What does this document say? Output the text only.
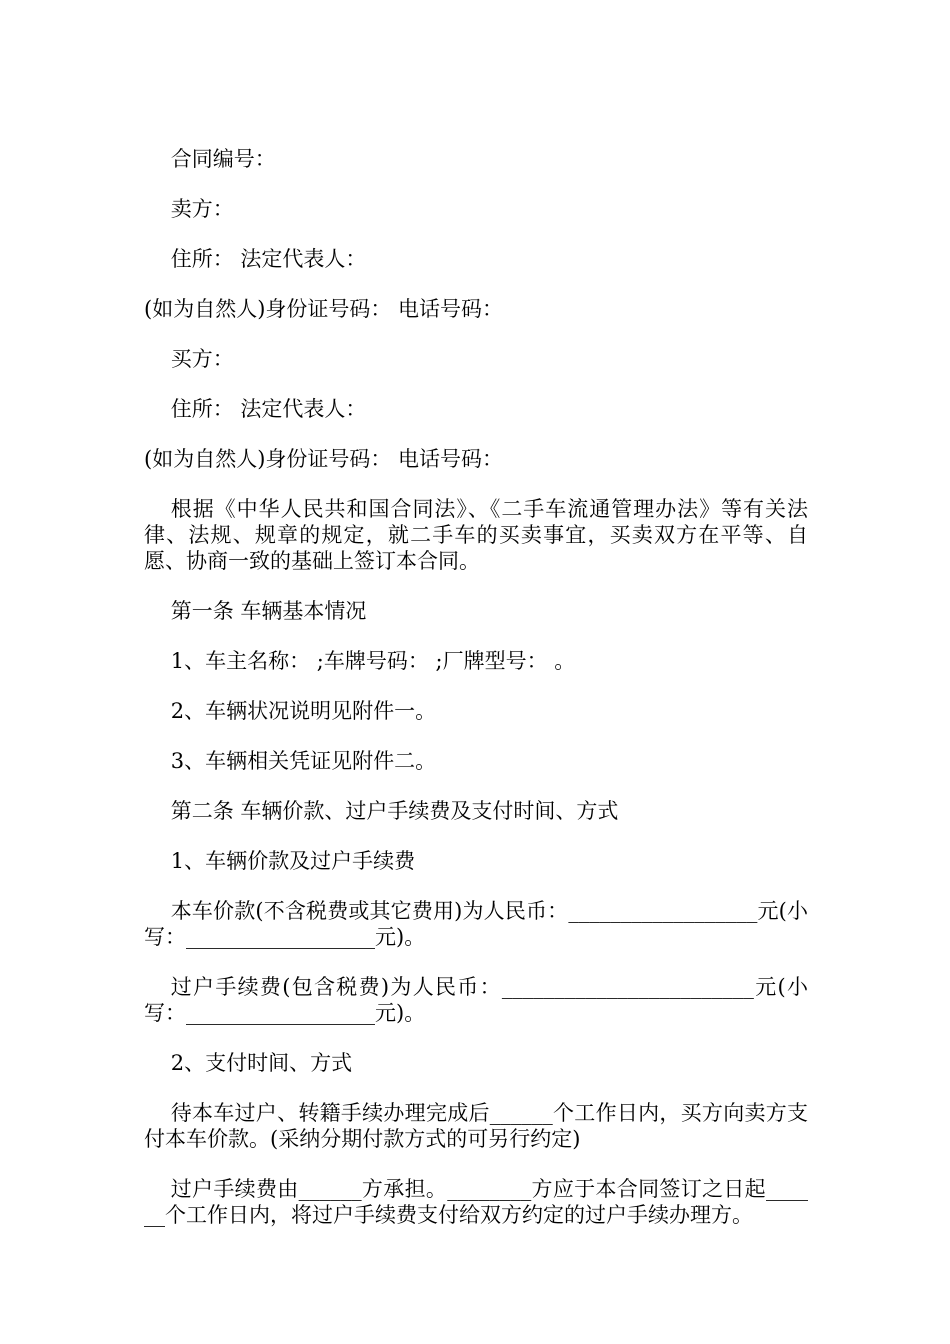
合同编号：

卖方：

住所： 法定代表人：

(如为自然人)身份证号码： 电话号码：

买方：

住所： 法定代表人：

(如为自然人)身份证号码： 电话号码：

根据《中华人民共和国合同法》、《二手车流通管理办法》等有关法律、法规、规章的规定，就二手车的买卖事宜，买卖双方在平等、自愿、协商一致的基础上签订本合同。

第一条 车辆基本情况

1、车主名称： ;车牌号码： ;厂牌型号： 。

2、车辆状况说明见附件一。

3、车辆相关凭证见附件二。

第二条 车辆价款、过户手续费及支付时间、方式

1、车辆价款及过户手续费

本车价款(不含税费或其它费用)为人民币：__________________元(小写：__________________元)。

过户手续费(包含税费)为人民币：________________________元(小写：__________________元)。

2、支付时间、方式

待本车过户、转籍手续办理完成后______个工作日内，买方向卖方支付本车价款。(采纳分期付款方式的可另行约定)

过户手续费由______方承担。________方应于本合同签订之日起______个工作日内，将过户手续费支付给双方约定的过户手续办理方。
